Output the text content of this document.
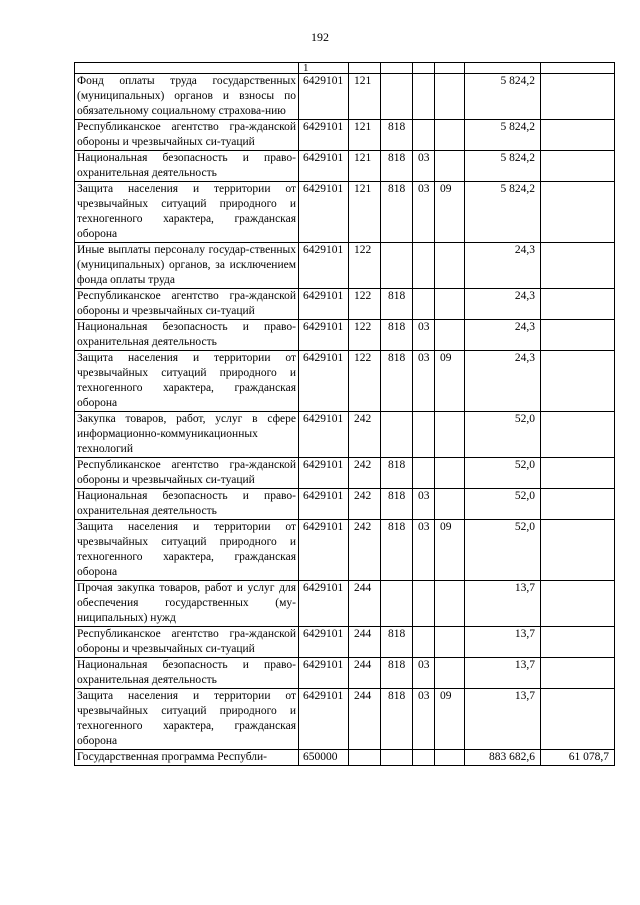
192
	1						
Фонд оплаты труда государственных (муниципальных) органов и взносы по обязательному социальному страхова-нию	6429101	121				5 824,2	
Республиканское агентство гра-жданской обороны и чрезвычайных си-туаций	6429101	121	818			5 824,2	
Национальная безопасность и право-охранительная деятельность	6429101	121	818	03		5 824,2	
Защита населения и территории от чрезвычайных ситуаций природного и техногенного характера, гражданская оборона	6429101	121	818	03	09	5 824,2	
Иные выплаты персоналу государ-ственных (муниципальных) органов, за исключением фонда оплаты труда	6429101	122				24,3	
Республиканское агентство гра-жданской обороны и чрезвычайных си-туаций	6429101	122	818			24,3	
Национальная безопасность и право-охранительная деятельность	6429101	122	818	03		24,3	
Защита населения и территории от чрезвычайных ситуаций природного и техногенного характера, гражданская оборона	6429101	122	818	03	09	24,3	
Закупка товаров, работ, услуг в сфере информационно-коммуникационных технологий	6429101	242				52,0	
Республиканское агентство гра-жданской обороны и чрезвычайных си-туаций	6429101	242	818			52,0	
Национальная безопасность и право-охранительная деятельность	6429101	242	818	03		52,0	
Защита населения и территории от чрезвычайных ситуаций природного и техногенного характера, гражданская оборона	6429101	242	818	03	09	52,0	
Прочая закупка товаров, работ и услуг для обеспечения государственных (му-ниципальных) нужд	6429101	244				13,7	
Республиканское агентство гра-жданской обороны и чрезвычайных си-туаций	6429101	244	818			13,7	
Национальная безопасность и право-охранительная деятельность	6429101	244	818	03		13,7	
Защита населения и территории от чрезвычайных ситуаций природного и техногенного характера, гражданская оборона	6429101	244	818	03	09	13,7	
Государственная программа Республи-	650000					883 682,6	61 078,7
